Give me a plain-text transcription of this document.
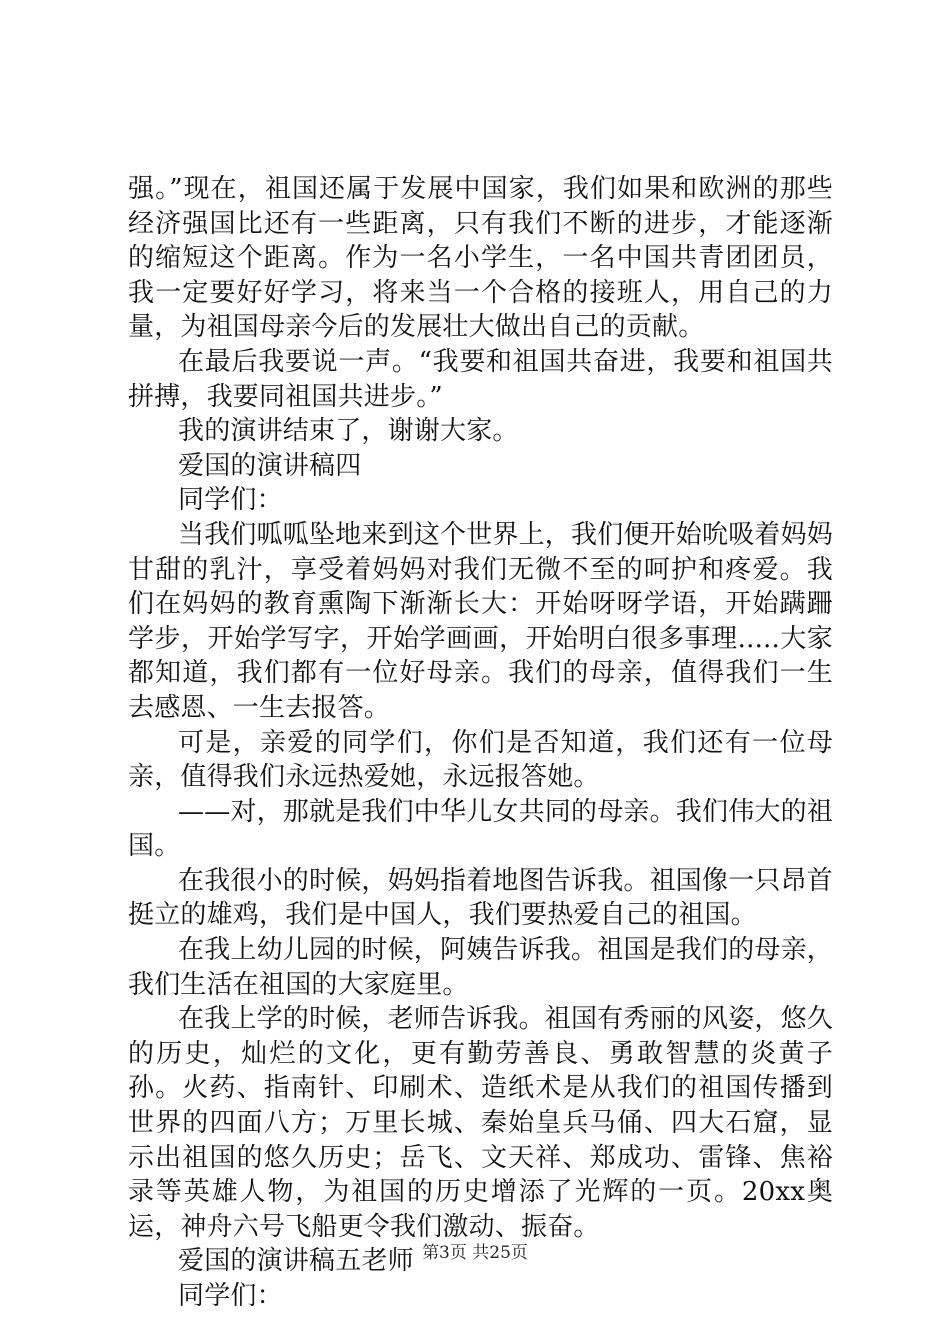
强。”现在，祖国还属于发展中国家，我们如果和欧洲的那些经济强国比还有一些距离，只有我们不断的进步，才能逐渐的缩短这个距离。作为一名小学生，一名中国共青团团员，我一定要好好学习，将来当一个合格的接班人，用自己的力量，为祖国母亲今后的发展壮大做出自己的贡献。

在最后我要说一声。“我要和祖国共奋进，我要和祖国共拼搏，我要同祖国共进步。”

我的演讲结束了，谢谢大家。

爱国的演讲稿四

同学们：

当我们呱呱坠地来到这个世界上，我们便开始吮吸着妈妈甘甜的乳汁，享受着妈妈对我们无微不至的呵护和疼爱。我们在妈妈的教育熏陶下渐渐长大：开始呀呀学语，开始蹒跚学步，开始学写字，开始学画画，开始明白很多事理.....大家都知道，我们都有一位好母亲。我们的母亲，值得我们一生去感恩、一生去报答。

可是，亲爱的同学们，你们是否知道，我们还有一位母亲，值得我们永远热爱她，永远报答她。

——对，那就是我们中华儿女共同的母亲。我们伟大的祖国。

在我很小的时候，妈妈指着地图告诉我。祖国像一只昂首挺立的雄鸡，我们是中国人，我们要热爱自己的祖国。

在我上幼儿园的时候，阿姨告诉我。祖国是我们的母亲，我们生活在祖国的大家庭里。

在我上学的时候，老师告诉我。祖国有秀丽的风姿，悠久的历史，灿烂的文化，更有勤劳善良、勇敢智慧的炎黄子孙。火药、指南针、印刷术、造纸术是从我们的祖国传播到世界的四面八方；万里长城、秦始皇兵马俑、四大石窟，显示出祖国的悠久历史；岳飞、文天祥、郑成功、雷锋、焦裕录等英雄人物，为祖国的历史增添了光辉的一页。20xx奥运，神舟六号飞船更令我们激动、振奋。

爱国的演讲稿五老师

同学们：

第3页 共25页
